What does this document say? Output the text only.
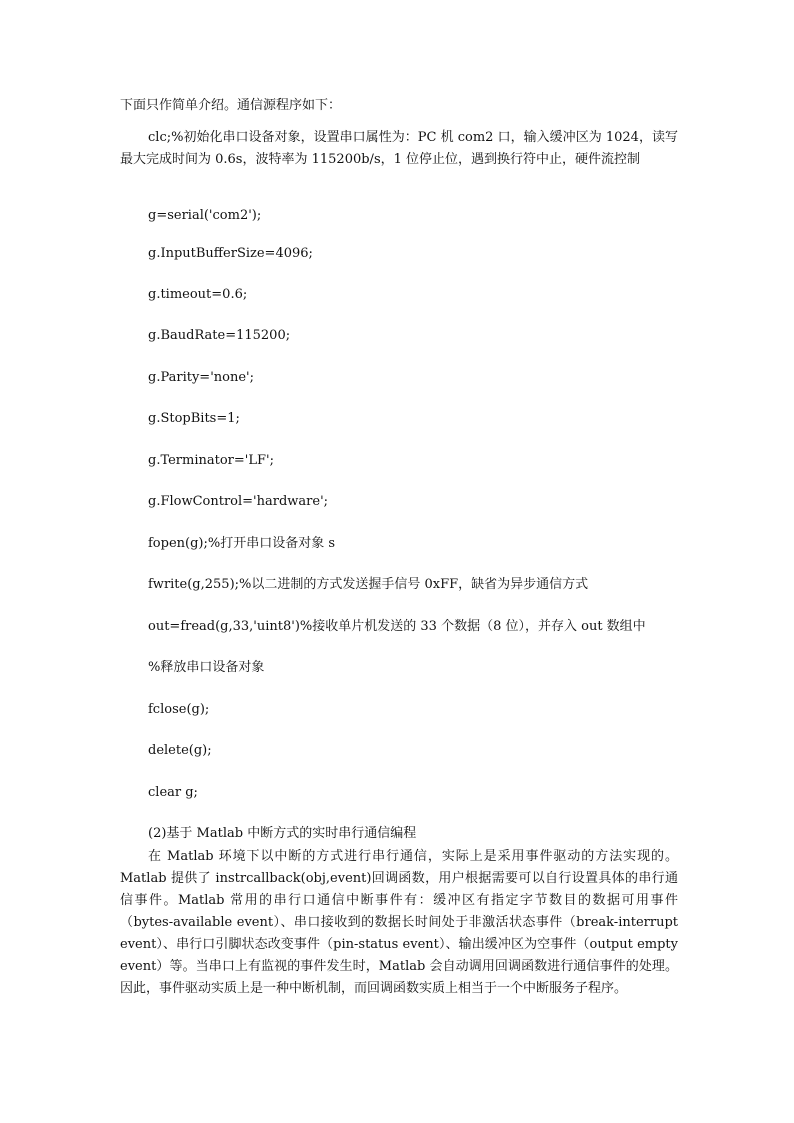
下面只作简单介绍。通信源程序如下：
clc;%初始化串口设备对象，设置串口属性为：PC 机 com2 口，输入缓冲区为 1024，读写最大完成时间为 0.6s，波特率为 115200b/s，1 位停止位，遇到换行符中止，硬件流控制
g=serial('com2');
g.InputBufferSize=4096;
g.timeout=0.6;
g.BaudRate=115200;
g.Parity='none';
g.StopBits=1;
g.Terminator='LF';
g.FlowControl='hardware';
fopen(g);%打开串口设备对象 s
fwrite(g,255);%以二进制的方式发送握手信号 0xFF，缺省为异步通信方式
out=fread(g,33,'uint8')%接收单片机发送的 33 个数据（8 位），并存入 out 数组中
%释放串口设备对象
fclose(g);
delete(g);
clear g;
(2)基于 Matlab 中断方式的实时串行通信编程
在 Matlab 环境下以中断的方式进行串行通信，实际上是采用事件驱动的方法实现的。Matlab 提供了 instrcallback(obj,event)回调函数，用户根据需要可以自行设置具体的串行通信事件。Matlab 常用的串行口通信中断事件有：缓冲区有指定字节数目的数据可用事件（bytes-available event）、串口接收到的数据长时间处于非激活状态事件（break-interrupt event）、串行口引脚状态改变事件（pin-status event）、输出缓冲区为空事件（output empty event）等。当串口上有监视的事件发生时，Matlab 会自动调用回调函数进行通信事件的处理。因此，事件驱动实质上是一种中断机制，而回调函数实质上相当于一个中断服务子程序。
